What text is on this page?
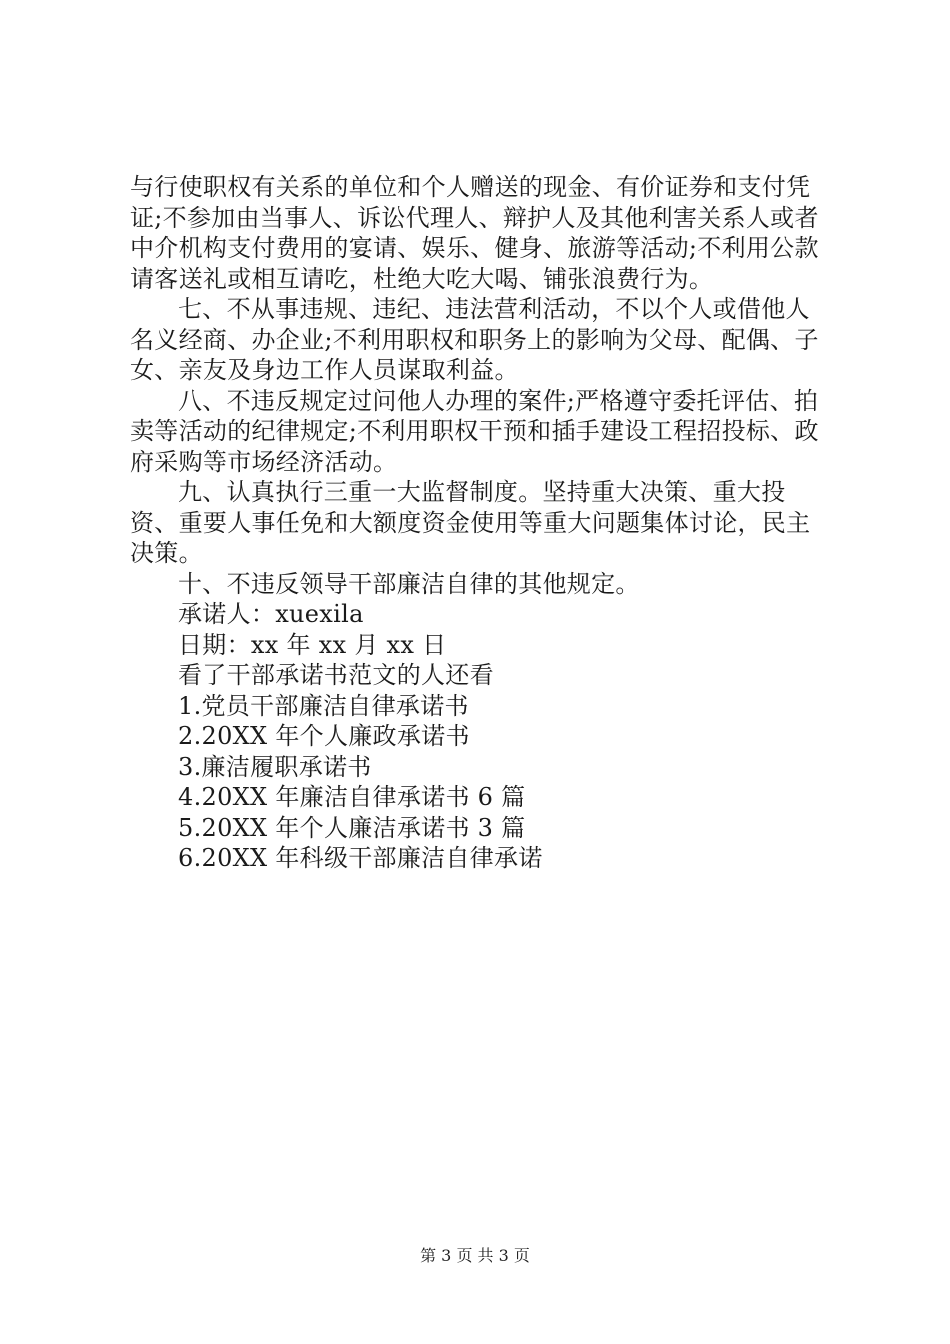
与行使职权有关系的单位和个人赠送的现金、有价证券和支付凭证;不参加由当事人、诉讼代理人、辩护人及其他利害关系人或者中介机构支付费用的宴请、娱乐、健身、旅游等活动;不利用公款请客送礼或相互请吃，杜绝大吃大喝、铺张浪费行为。

七、不从事违规、违纪、违法营利活动，不以个人或借他人名义经商、办企业;不利用职权和职务上的影响为父母、配偶、子女、亲友及身边工作人员谋取利益。

八、不违反规定过问他人办理的案件;严格遵守委托评估、拍卖等活动的纪律规定;不利用职权干预和插手建设工程招投标、政府采购等市场经济活动。

九、认真执行三重一大监督制度。坚持重大决策、重大投资、重要人事任免和大额度资金使用等重大问题集体讨论，民主决策。

十、不违反领导干部廉洁自律的其他规定。

承诺人：xuexila

日期：xx 年 xx 月 xx 日

看了干部承诺书范文的人还看

1.党员干部廉洁自律承诺书

2.20XX 年个人廉政承诺书

3.廉洁履职承诺书

4.20XX 年廉洁自律承诺书 6 篇

5.20XX 年个人廉洁承诺书 3 篇

6.20XX 年科级干部廉洁自律承诺

第 3 页 共 3 页
